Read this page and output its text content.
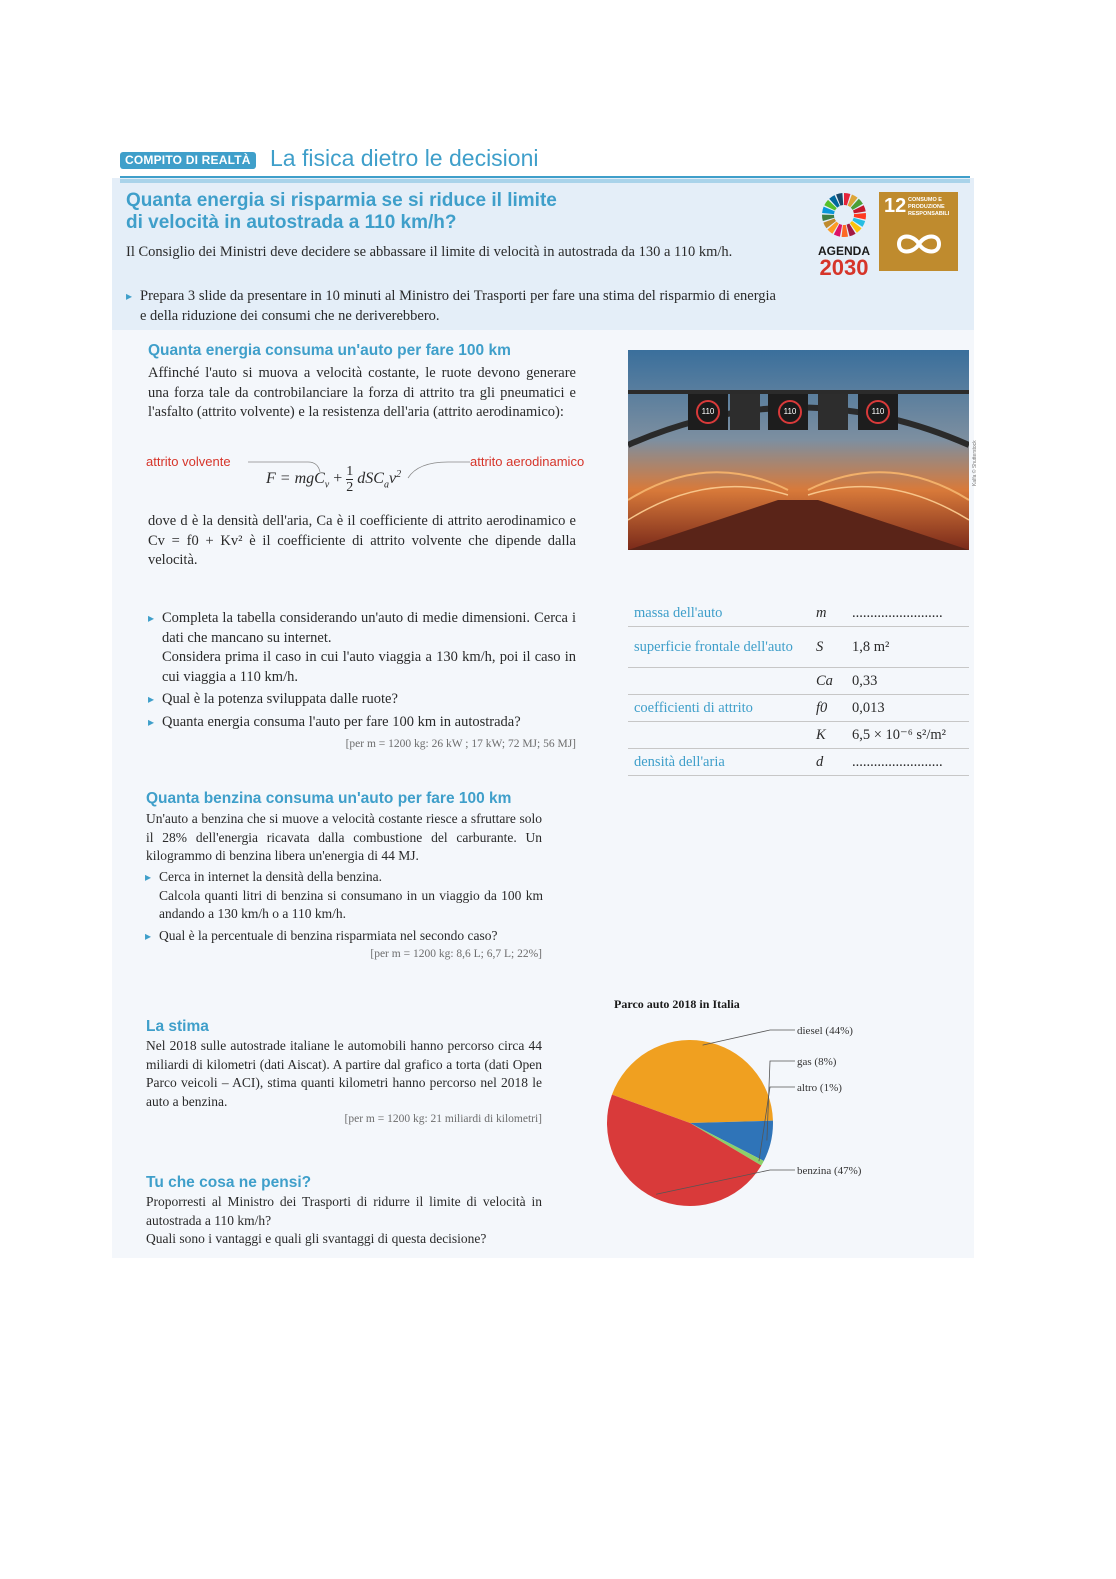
COMPITO DI REALTÀ La fisica dietro le decisioni
Quanta energia si risparmia se si riduce il limite
di velocità in autostrada a 110 km/h?
Il Consiglio dei Ministri deve decidere se abbassare il limite di velocità in autostrada da 130 a 110 km/h.
▸ Prepara 3 slide da presentare in 10 minuti al Ministro dei Trasporti per fare una stima del risparmio di energia e della riduzione dei consumi che ne deriverebbero.
AGENDA
2030
12 CONSUMO E PRODUZIONE RESPONSABILI
Quanta energia consuma un'auto per fare 100 km
Affinché l'auto si muova a velocità costante, le ruote devono generare una forza tale da controbilanciare la forza di attrito tra gli pneumatici e l'asfalto (attrito volvente) e la resistenza dell'aria (attrito aerodinamico):
attrito volvente	attrito aerodinamico
$F = mgC_v + \frac{1}{2} dSC_av^2$
dove d è la densità dell'aria, Ca è il coefficiente di attrito aerodinamico e Cv = f0 + Kv² è il coefficiente di attrito volvente che dipende dalla velocità.
110	110	110
Kalfa © Shutterstock
▸ Completa la tabella considerando un'auto di medie dimensioni. Cerca i dati che mancano su internet.
Considera prima il caso in cui l'auto viaggia a 130 km/h, poi il caso in cui viaggia a 110 km/h.
▸ Qual è la potenza sviluppata dalle ruote?
▸ Quanta energia consuma l'auto per fare 100 km in autostrada?
[per m = 1200 kg: 26 kW ; 17 kW; 72 MJ; 56 MJ]
massa dell'auto	m	.........................
superficie frontale dell'auto	S	1,8 m²
	Ca	0,33
coefficienti di attrito	f0	0,013
	K	6,5 × 10⁻⁶ s²/m²
densità dell'aria	d	.........................
Quanta benzina consuma un'auto per fare 100 km
Un'auto a benzina che si muove a velocità costante riesce a sfruttare solo il 28% dell'energia ricavata dalla combustione del carburante. Un kilogrammo di benzina libera un'energia di 44 MJ.
▸ Cerca in internet la densità della benzina.
Calcola quanti litri di benzina si consumano in un viaggio da 100 km andando a 130 km/h o a 110 km/h.
▸ Qual è la percentuale di benzina risparmiata nel secondo caso?
[per m = 1200 kg: 8,6 L; 6,7 L; 22%]
La stima
Nel 2018 sulle autostrade italiane le automobili hanno percorso circa 44 miliardi di kilometri (dati Aiscat). A partire dal grafico a torta (dati Open Parco veicoli – ACI), stima quanti kilometri hanno percorso nel 2018 le auto a benzina.
[per m = 1200 kg: 21 miliardi di kilometri]
Tu che cosa ne pensi?
Proporresti al Ministro dei Trasporti di ridurre il limite di velocità in autostrada a 110 km/h?
Quali sono i vantaggi e quali gli svantaggi di questa decisione?
Parco auto 2018 in Italia
diesel (44%)
gas (8%)
altro (1%)
benzina (47%)
